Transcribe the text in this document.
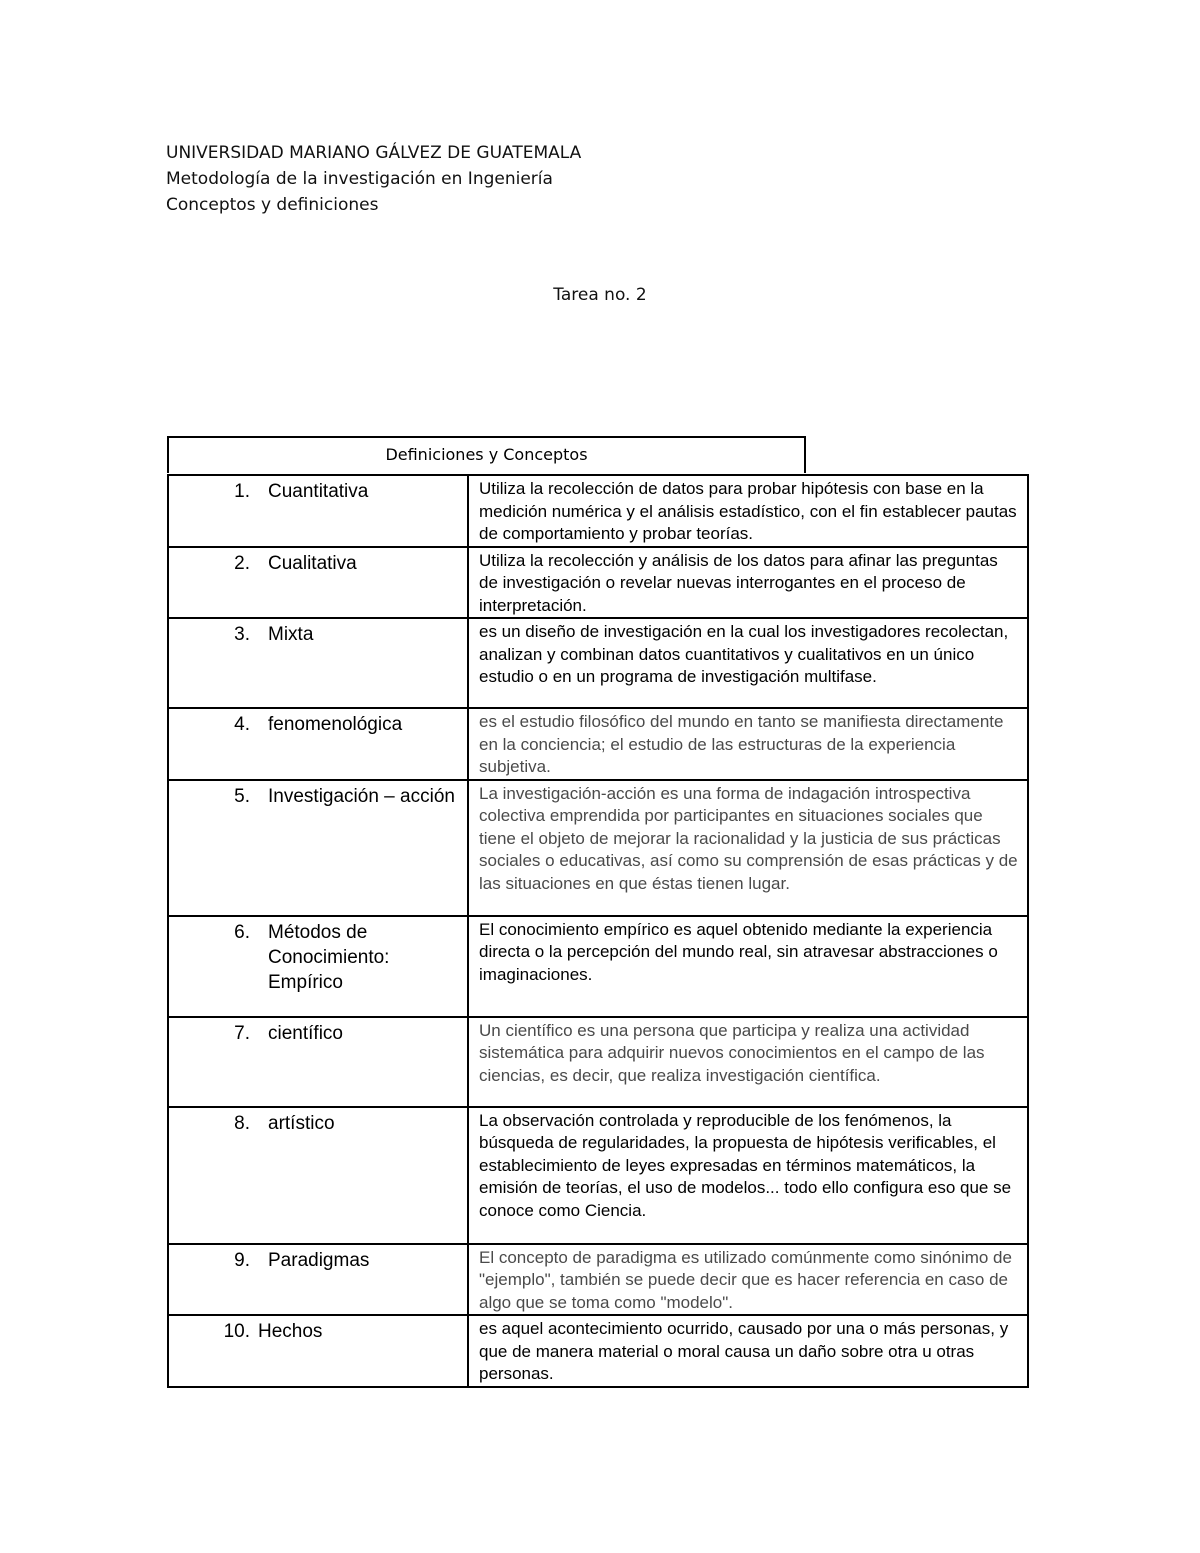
UNIVERSIDAD MARIANO GÁLVEZ DE GUATEMALA
Metodología de la investigación en Ingeniería
Conceptos y definiciones
Tarea no. 2
Definiciones y Conceptos
1. Cuantitativa	Utiliza la recolección de datos para probar hipótesis con base en la medición numérica y el análisis estadístico, con el fin establecer pautas de comportamiento y probar teorías.

2. Cualitativa	Utiliza la recolección y análisis de los datos para afinar las preguntas de investigación o revelar nuevas interrogantes en el proceso de interpretación.

3. Mixta	es un diseño de investigación en la cual los investigadores recolectan, analizan y combinan datos cuantitativos y cualitativos en un único estudio o en un programa de investigación multifase.

4. fenomenológica	es el estudio filosófico del mundo en tanto se manifiesta directamente en la conciencia; el estudio de las estructuras de la experiencia subjetiva.

5. Investigación – acción	La investigación-acción es una forma de indagación introspectiva colectiva emprendida por participantes en situaciones sociales que tiene el objeto de mejorar la racionalidad y la justicia de sus prácticas sociales o educativas, así como su comprensión de esas prácticas y de las situaciones en que éstas tienen lugar.

6. Métodos de Conocimiento: Empírico	El conocimiento empírico es aquel obtenido mediante la experiencia directa o la percepción del mundo real, sin atravesar abstracciones o imaginaciones.

7. científico	Un científico es una persona que participa y realiza una actividad sistemática para adquirir nuevos conocimientos en el campo de las ciencias, es decir, que realiza investigación científica.

8. artístico	La observación controlada y reproducible de los fenómenos, la búsqueda de regularidades, la propuesta de hipótesis verificables, el establecimiento de leyes expresadas en términos matemáticos, la emisión de teorías, el uso de modelos... todo ello configura eso que se conoce como Ciencia.

9. Paradigmas	El concepto de paradigma es utilizado comúnmente como sinónimo de "ejemplo", también se puede decir que es hacer referencia en caso de algo que se toma como "modelo".

10. Hechos	es aquel acontecimiento ocurrido, causado por una o más personas, y que de manera material o moral causa un daño sobre otra u otras personas.
